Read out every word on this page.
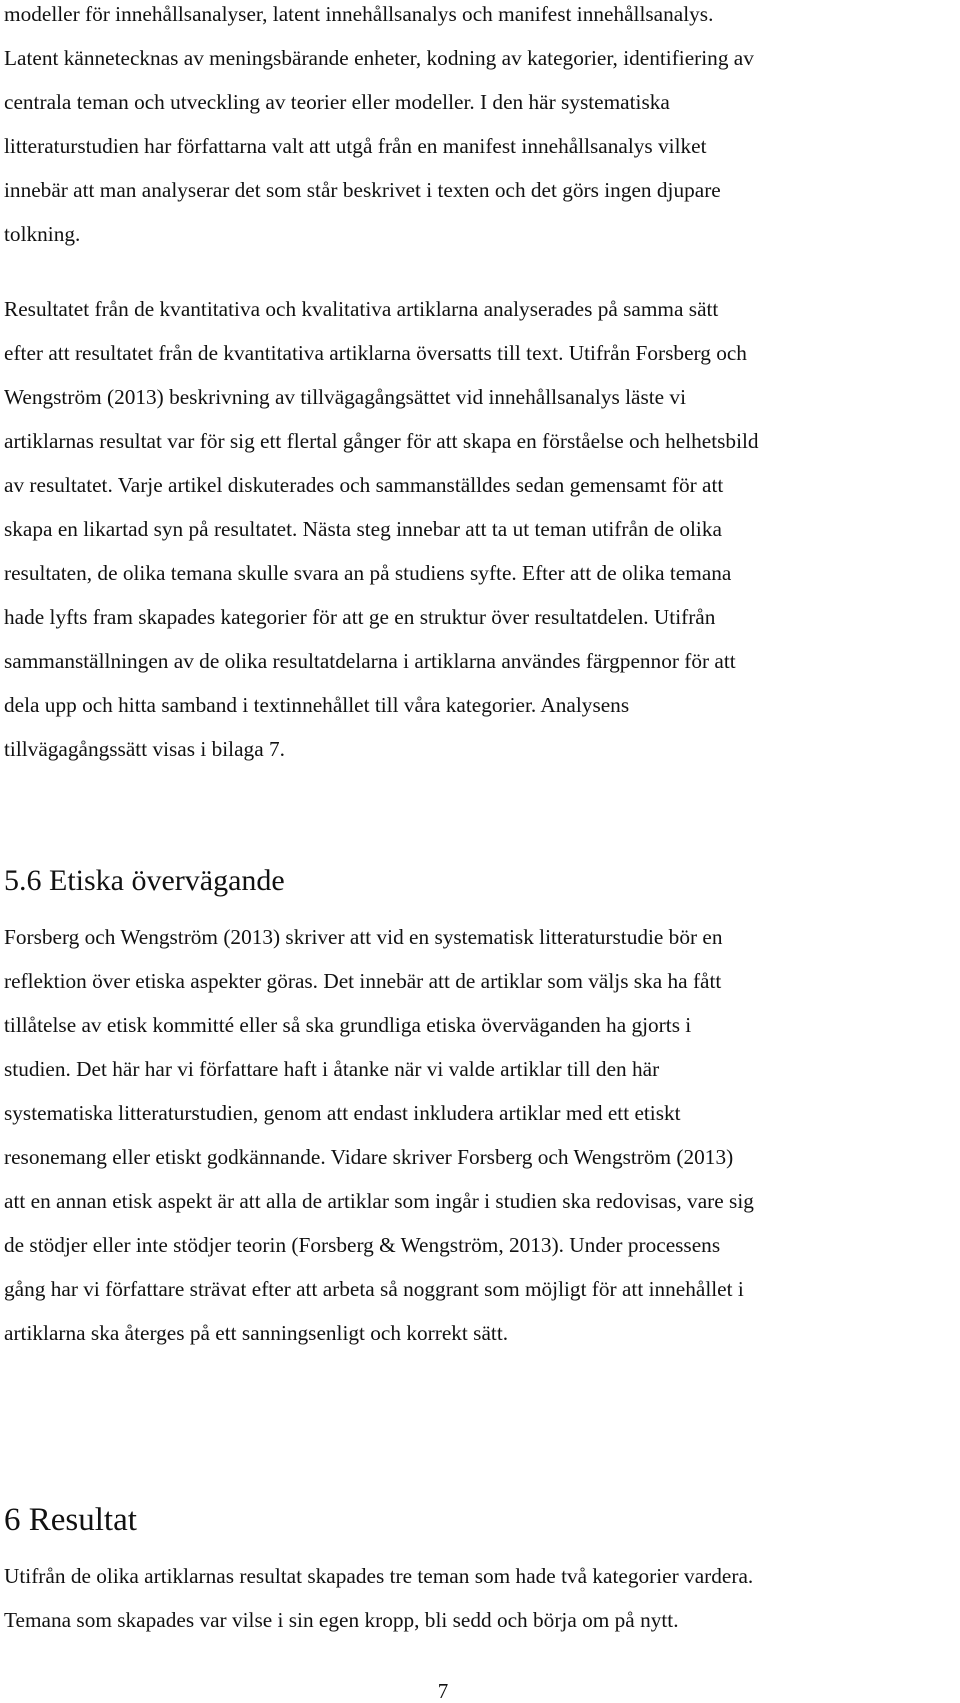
modeller för innehållsanalyser, latent innehållsanalys och manifest innehållsanalys.
Latent kännetecknas av meningsbärande enheter, kodning av kategorier, identifiering av
centrala teman och utveckling av teorier eller modeller. I den här systematiska
litteraturstudien har författarna valt att utgå från en manifest innehållsanalys vilket
innebär att man analyserar det som står beskrivet i texten och det görs ingen djupare
tolkning.

Resultatet från de kvantitativa och kvalitativa artiklarna analyserades på samma sätt
efter att resultatet från de kvantitativa artiklarna översatts till text. Utifrån Forsberg och
Wengström (2013) beskrivning av tillvägagångsättet vid innehållsanalys läste vi
artiklarnas resultat var för sig ett flertal gånger för att skapa en förståelse och helhetsbild
av resultatet. Varje artikel diskuterades och sammanställdes sedan gemensamt för att
skapa en likartad syn på resultatet. Nästa steg innebar att ta ut teman utifrån de olika
resultaten, de olika temana skulle svara an på studiens syfte. Efter att de olika temana
hade lyfts fram skapades kategorier för att ge en struktur över resultatdelen. Utifrån
sammanställningen av de olika resultatdelarna i artiklarna användes färgpennor för att
dela upp och hitta samband i textinnehållet till våra kategorier. Analysens
tillvägagångssätt visas i bilaga 7.

5.6 Etiska övervägande

Forsberg och Wengström (2013) skriver att vid en systematisk litteraturstudie bör en
reflektion över etiska aspekter göras. Det innebär att de artiklar som väljs ska ha fått
tillåtelse av etisk kommitté eller så ska grundliga etiska överväganden ha gjorts i
studien. Det här har vi författare haft i åtanke när vi valde artiklar till den här
systematiska litteraturstudien, genom att endast inkludera artiklar med ett etiskt
resonemang eller etiskt godkännande. Vidare skriver Forsberg och Wengström (2013)
att en annan etisk aspekt är att alla de artiklar som ingår i studien ska redovisas, vare sig
de stödjer eller inte stödjer teorin (Forsberg & Wengström, 2013). Under processens
gång har vi författare strävat efter att arbeta så noggrant som möjligt för att innehållet i
artiklarna ska återges på ett sanningsenligt och korrekt sätt.

6 Resultat

Utifrån de olika artiklarnas resultat skapades tre teman som hade två kategorier vardera.
Temana som skapades var vilse i sin egen kropp, bli sedd och börja om på nytt.

7
